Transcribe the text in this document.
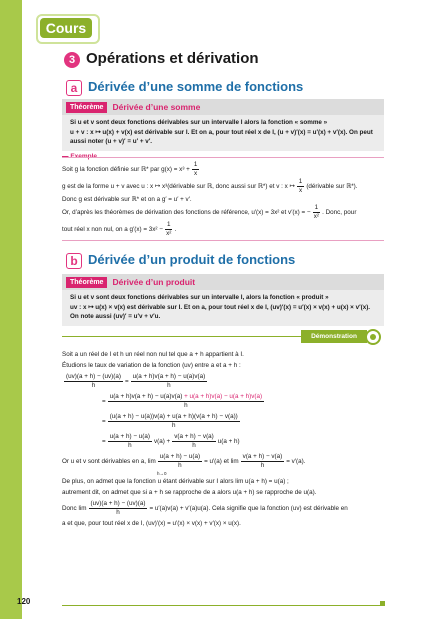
Cours
3 Opérations et dérivation
a Dérivée d’une somme de fonctions
Théorème	Dérivée d’une somme
Si u et v sont deux fonctions dérivables sur un intervalle I alors la fonction « somme »
u + v : x ↦ u(x) + v(x) est dérivable sur I. Et on a, pour tout réel x de I, (u + v)′(x) = u′(x) + v′(x). On peut
aussi noter (u + v)′ = u′ + v′.
Soit g la fonction définie sur ℝ* par $g(x) = x^3 + \frac{1}{x}$
g est de la forme u + v avec u : x ↦ x³(dérivable sur ℝ, donc aussi sur ℝ*) et v : x ↦ $\frac{1}{x}$ (dérivable sur ℝ*).
Donc g est dérivable sur ℝ* et on a g′ = u′ + v′.
Or, d’après les théorèmes de dérivation des fonctions de référence, u′(x) = 3x² et v′(x) = − $\frac{1}{\text{x²}}$ . Donc, pour
tout réel x non nul, on a $g'(x) = 3x^2 - \frac{1}{\text{x²}}$ .
b Dérivée d’un produit de fonctions
Théorème	Dérivée d’un produit
Si u et v sont deux fonctions dérivables sur un intervalle I, alors la fonction « produit »
uv : x ↦ u(x) × v(x) est dérivable sur I. Et on a, pour tout réel x de I, (uv)′(x) = u′(x) × v(x) + u(x) × v′(x).
On note aussi (uv)′ = u′v + v′u.
Démonstration

Soit a un réel de I et h un réel non nul tel que a + h appartient à I.

Étudions le taux de variation de la fonction (uv) entre a et a + h :

$\frac{(uv)(a + h) - (uv)(a)}{h} = \frac{u(a + h)v(a + h) - u(a)v(a)}{h}$
= $\frac{u(a + h)v(a + h) - u(a)v(a) + u(a + h)v(a) - u(a + h)v(a)}{h}$
= $\frac{(u(a + h) - u(a))v(a) + u(a + h)(v(a + h) - v(a))}{h}$
= $\frac{u(a + h) - u(a)}{h} v(a) + \frac{v(a + h) - v(a)}{h} u(a + h)$
Or u et v sont dérivables en a, $\lim \frac{u(a + h) - u(a)}{h} = u'(a)$ et $\lim \frac{v(a + h) - v(a)}{h} = v'(a)$.
h→0

De plus, on admet que la fonction u étant dérivable sur I alors lim u(a + h) = u(a) ;

autrement dit, on admet que si a + h se rapproche de a alors u(a + h) se rapproche de u(a).

Donc $\lim \frac{(uv)(a + h) - (uv)(a)}{h} = u'(a)v(a) + v'(a)u(a)$. Cela signifie que la fonction (uv) est dérivable en

a et que, pour tout réel x de I, (uv)′(x) = u′(x) × v(x) + v′(x) × u(x).

120
